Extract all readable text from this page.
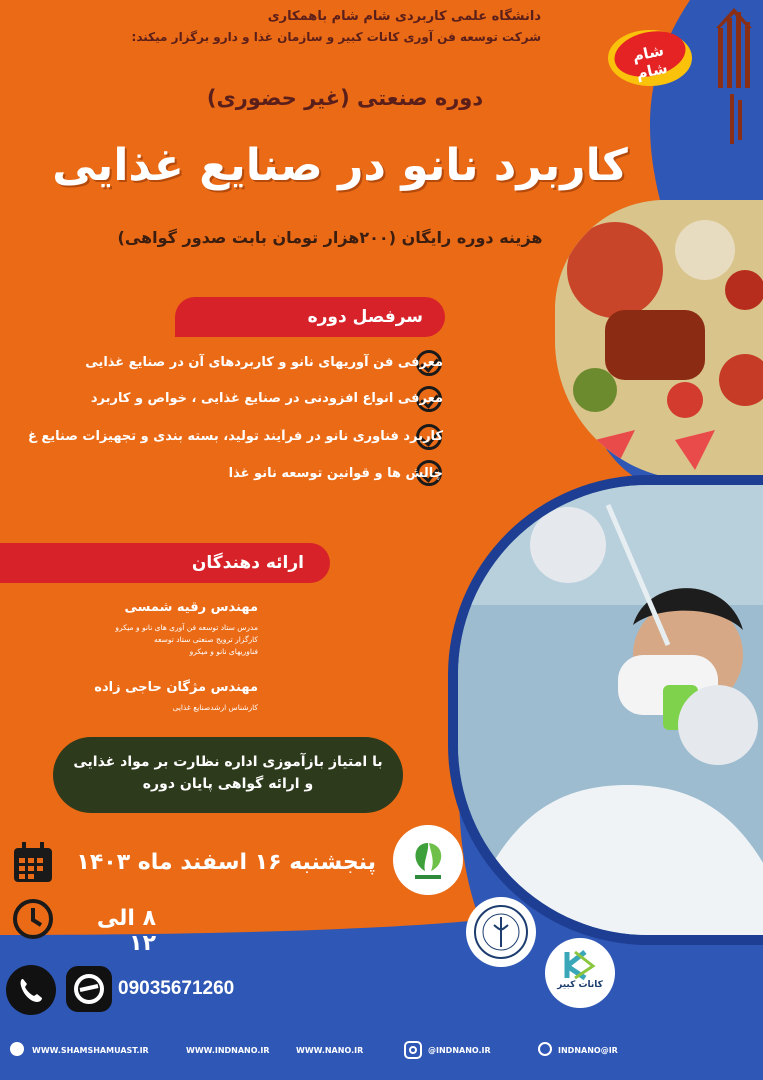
شام شام
دانشگاه علمی کاربردی شام شام باهمکاری
شرکت توسعه فن آوری کانات کبیر و سازمان غذا و دارو برگزار میکند:
دوره صنعتی (غیر حضوری)
کاربرد نانو در صنایع غذایی
هزینه دوره رایگان (۲۰۰هزار تومان بابت صدور گواهی)
سرفصل دوره
معرفی فن آوریهای نانو و کاربردهای آن در صنایع غذایی
معرفی انواع افزودنی در صنایع غذایی ، خواص و کاربرد
کاربرد فناوری نانو در فرآیند تولید، بسته بندی و تجهیزات صنایع غ
چالش ها و قوانین توسعه نانو غذا
ارائه دهندگان
مهندس رقیه شمسی
مدرس ستاد توسعه فن آوری های نانو و میکرو
کارگزار ترویج صنعتی ستاد توسعه
فناوریهای نانو و میکرو
مهندس مژگان حاجی زاده
کارشناس ارشدصنایع غذایی
با امتیاز بازآموزی اداره نظارت بر مواد غذایی
و ارائه گواهی پایان دوره
کانات کبیر
پنجشنبه ۱۶ اسفند ماه ۱۴۰۳
۸ الی ۱۲
09035671260
WWW.SHAMSHAMUAST.IR	WWW.INDNANO.IR	WWW.NANO.IR	@INDNANO.IR	INDNANO@IR
